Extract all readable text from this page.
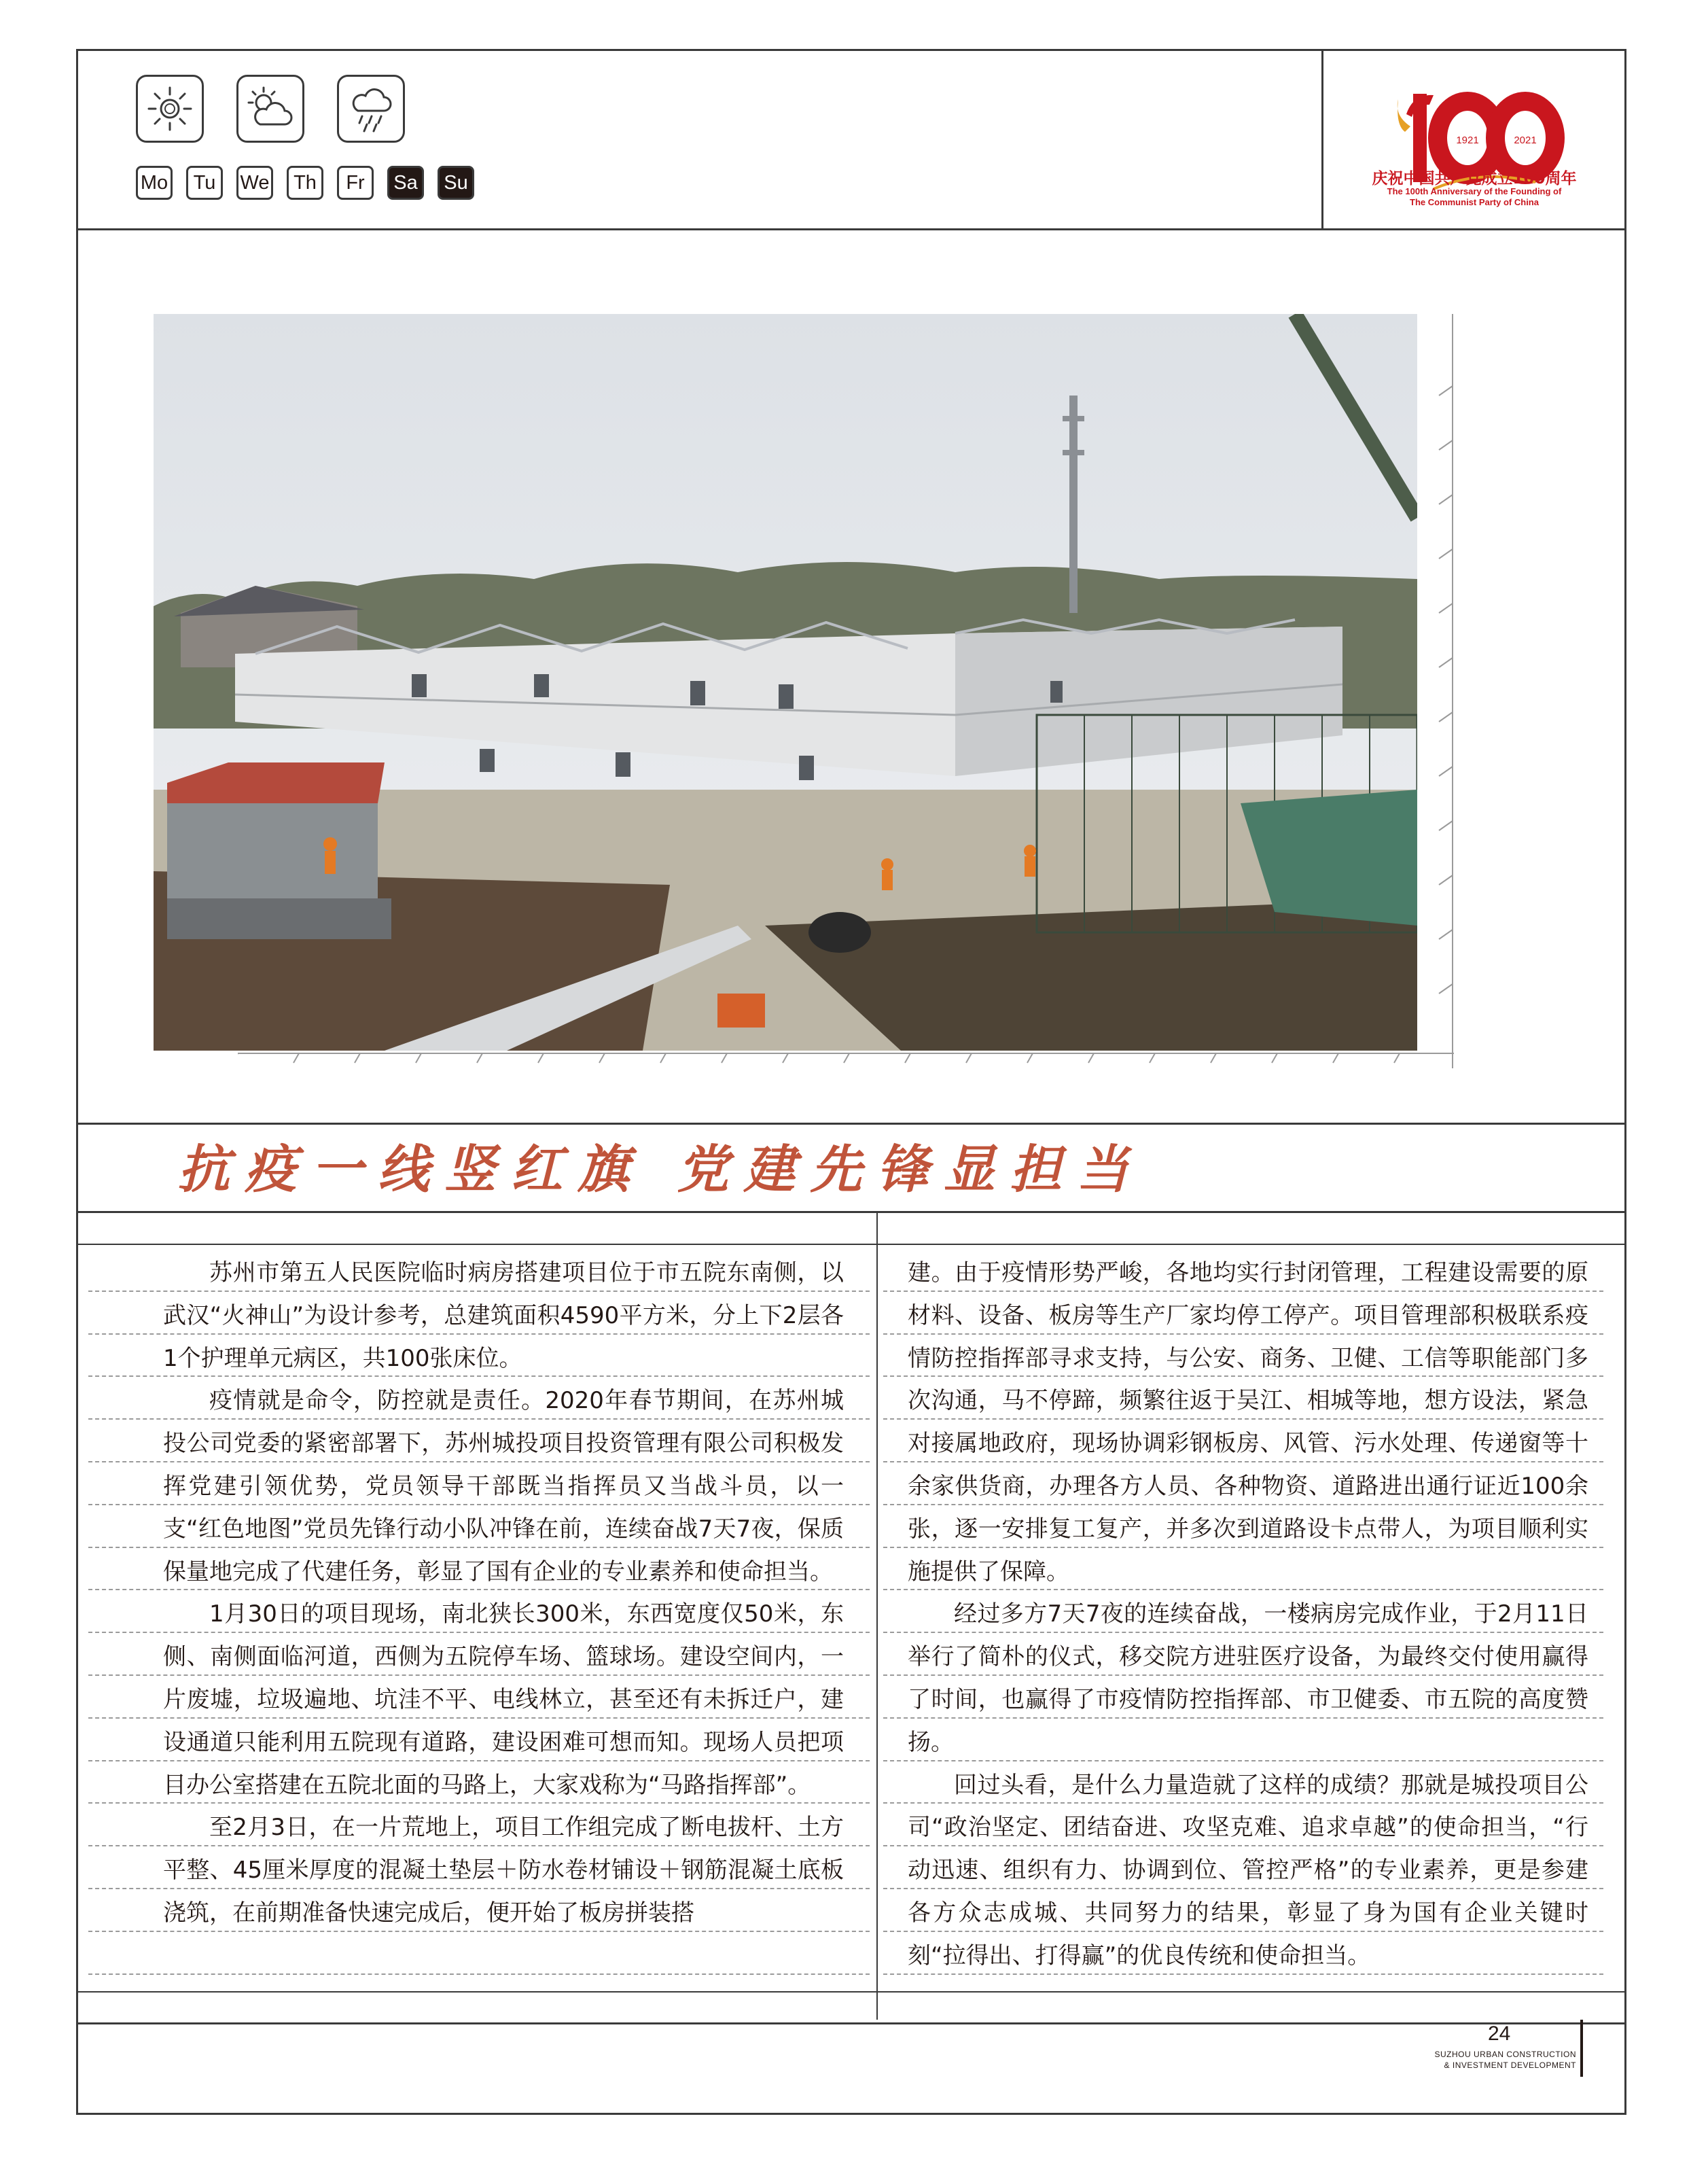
Mo	Tu	We	Th	Fr	Sa	Su
1921	2021
庆祝中国共产党成立100周年
The 100th Anniversary of the Founding of
The Communist Party of China
抗疫一线竖红旗 党建先锋显担当

苏州市第五人民医院临时病房搭建项目位于市五院东南侧，以武汉“火神山”为设计参考，总建筑面积4590平方米，分上下2层各1个护理单元病区，共100张床位。

疫情就是命令，防控就是责任。2020年春节期间，在苏州城投公司党委的紧密部署下，苏州城投项目投资管理有限公司积极发挥党建引领优势，党员领导干部既当指挥员又当战斗员，以一支“红色地图”党员先锋行动小队冲锋在前，连续奋战7天7夜，保质保量地完成了代建任务，彰显了国有企业的专业素养和使命担当。

1月30日的项目现场，南北狭长300米，东西宽度仅50米，东侧、南侧面临河道，西侧为五院停车场、篮球场。建设空间内，一片废墟，垃圾遍地、坑洼不平、电线林立，甚至还有未拆迁户，建设通道只能利用五院现有道路，建设困难可想而知。现场人员把项目办公室搭建在五院北面的马路上，大家戏称为“马路指挥部”。

至2月3日，在一片荒地上，项目工作组完成了断电拔杆、土方平整、45厘米厚度的混凝土垫层＋防水卷材铺设＋钢筋混凝土底板浇筑，在前期准备快速完成后，便开始了板房拼装搭

建。由于疫情形势严峻，各地均实行封闭管理，工程建设需要的原材料、设备、板房等生产厂家均停工停产。项目管理部积极联系疫情防控指挥部寻求支持，与公安、商务、卫健、工信等职能部门多次沟通，马不停蹄，频繁往返于吴江、相城等地，想方设法，紧急对接属地政府，现场协调彩钢板房、风管、污水处理、传递窗等十余家供货商，办理各方人员、各种物资、道路进出通行证近100余张，逐一安排复工复产，并多次到道路设卡点带人，为项目顺利实施提供了保障。

经过多方7天7夜的连续奋战，一楼病房完成作业，于2月11日举行了简朴的仪式，移交院方进驻医疗设备，为最终交付使用赢得了时间，也赢得了市疫情防控指挥部、市卫健委、市五院的高度赞扬。

回过头看，是什么力量造就了这样的成绩？那就是城投项目公司“政治坚定、团结奋进、攻坚克难、追求卓越”的使命担当，“行动迅速、组织有力、协调到位、管控严格”的专业素养，更是参建各方众志成城、共同努力的结果，彰显了身为国有企业关键时刻“拉得出、打得赢”的优良传统和使命担当。

24
SUZHOU URBAN CONSTRUCTION
& INVESTMENT DEVELOPMENT
